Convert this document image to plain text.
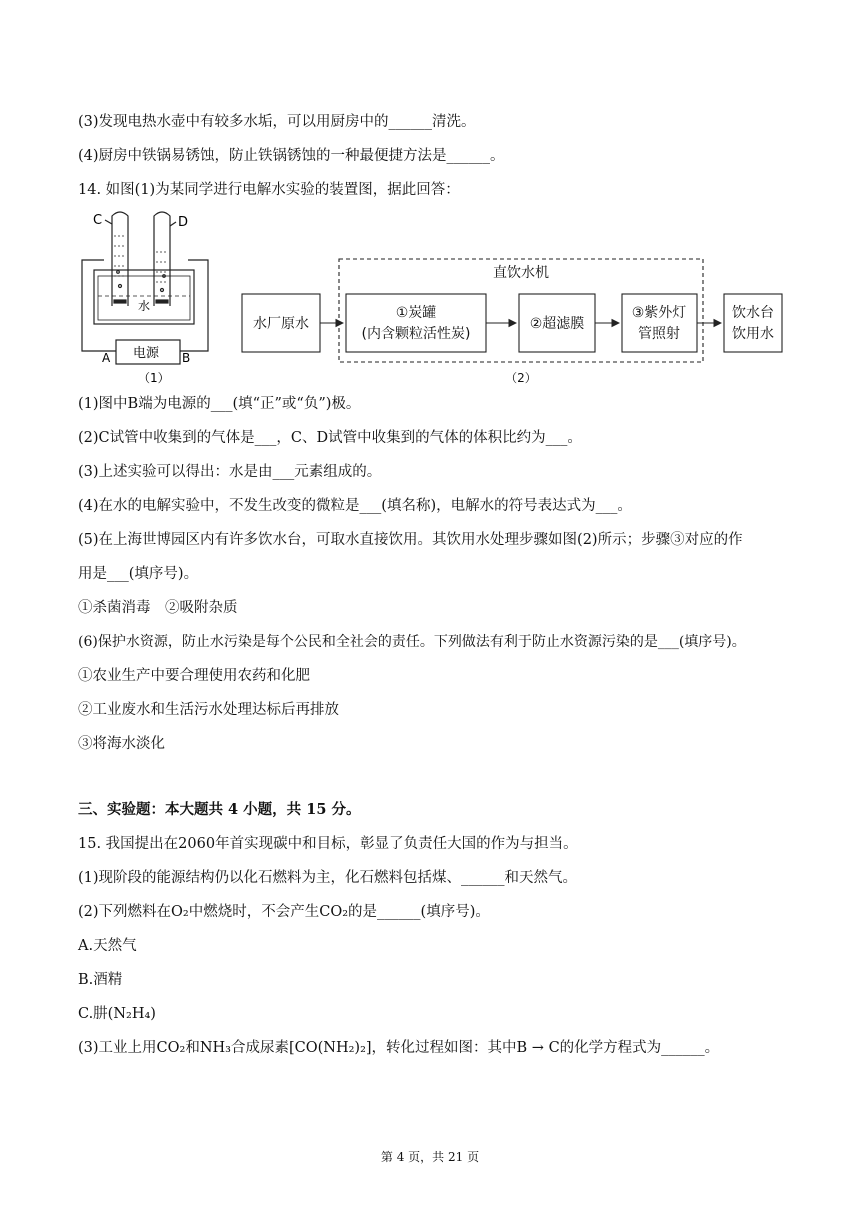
(3)发现电热水壶中有较多水垢，可以用厨房中的______清洗。
(4)厨房中铁锅易锈蚀，防止铁锅锈蚀的一种最便捷方法是______。
14. 如图(1)为某同学进行电解水实验的装置图，据此回答：
C	D
水
电源
A	B
（1）
直饮水机
水厂原水
①炭罐
(内含颗粒活性炭)
②超滤膜
③紫外灯
管照射
饮水台
饮用水
（2）
(1)图中B端为电源的___(填“正”或“负”)极。
(2)C试管中收集到的气体是___，C、D试管中收集到的气体的体积比约为___。
(3)上述实验可以得出：水是由___元素组成的。
(4)在水的电解实验中，不发生改变的微粒是___(填名称)，电解水的符号表达式为___。
(5)在上海世博园区内有许多饮水台，可取水直接饮用。其饮用水处理步骤如图(2)所示；步骤③对应的作
用是___(填序号)。
①杀菌消毒　②吸附杂质
(6)保护水资源，防止水污染是每个公民和全社会的责任。下列做法有利于防止水资源污染的是___(填序号)。
①农业生产中要合理使用农药和化肥
②工业废水和生活污水处理达标后再排放
③将海水淡化
三、实验题：本大题共 4 小题，共 15 分。
15. 我国提出在2060年首实现碳中和目标，彰显了负责任大国的作为与担当。
(1)现阶段的能源结构仍以化石燃料为主，化石燃料包括煤、______和天然气。
(2)下列燃料在O₂中燃烧时，不会产生CO₂的是______(填序号)。
A.天然气
B.酒精
C.肼(N₂H₄)
(3)工业上用CO₂和NH₃合成尿素[CO(NH₂)₂]，转化过程如图：其中B → C的化学方程式为______。
第 4 页，共 21 页
